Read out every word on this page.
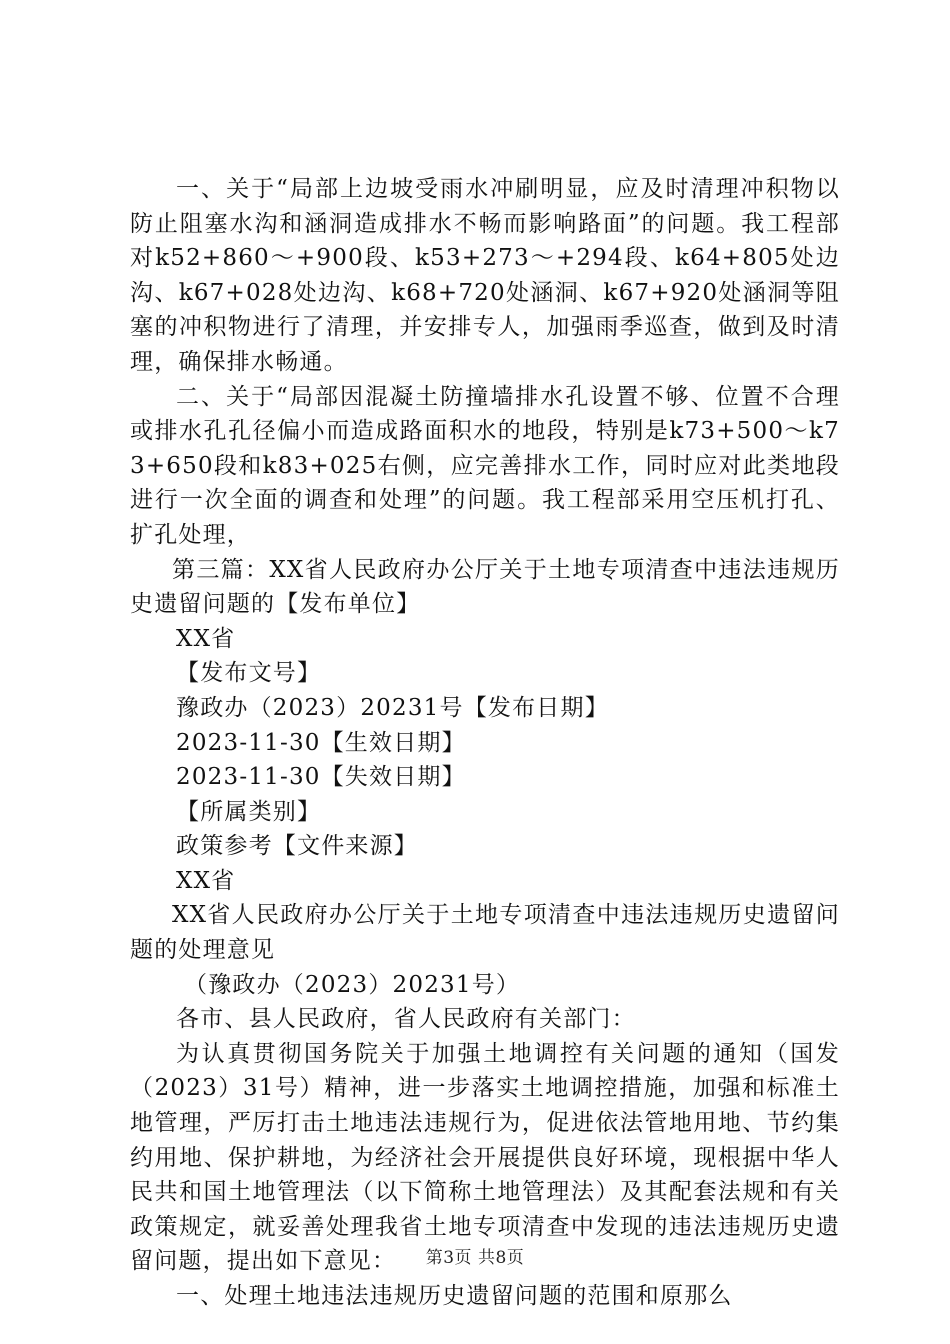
一、关于“局部上边坡受雨水冲刷明显，应及时清理冲积物以防止阻塞水沟和涵洞造成排水不畅而影响路面”的问题。我工程部对k52+860～+900段、k53+273～+294段、k64+805处边沟、k67+028处边沟、k68+720处涵洞、k67+920处涵洞等阻塞的冲积物进行了清理，并安排专人，加强雨季巡查，做到及时清理，确保排水畅通。

二、关于“局部因混凝土防撞墙排水孔设置不够、位置不合理或排水孔孔径偏小而造成路面积水的地段，特别是k73+500～k73+650段和k83+025右侧，应完善排水工作，同时应对此类地段进行一次全面的调查和处理”的问题。我工程部采用空压机打孔、扩孔处理，

第三篇：XX省人民政府办公厅关于土地专项清查中违法违规历史遗留问题的【发布单位】

XX省

【发布文号】

豫政办（2023）20231号【发布日期】

2023-11-30【生效日期】

2023-11-30【失效日期】

【所属类别】

政策参考【文件来源】

XX省

XX省人民政府办公厅关于土地专项清查中违法违规历史遗留问题的处理意见

（豫政办（2023）20231号）

各市、县人民政府，省人民政府有关部门：

为认真贯彻国务院关于加强土地调控有关问题的通知（国发（2023）31号）精神，进一步落实土地调控措施，加强和标准土地管理，严厉打击土地违法违规行为，促进依法管地用地、节约集约用地、保护耕地，为经济社会开展提供良好环境，现根据中华人民共和国土地管理法（以下简称土地管理法）及其配套法规和有关政策规定，就妥善处理我省土地专项清查中发现的违法违规历史遗留问题，提出如下意见：

一、处理土地违法违规历史遗留问题的范围和原那么

第3页 共8页
